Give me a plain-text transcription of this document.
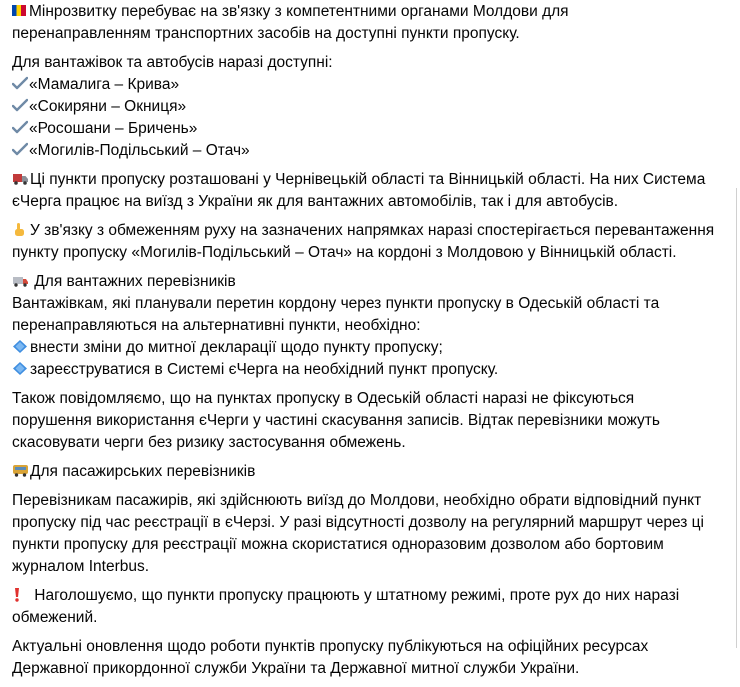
Мінрозвитку перебуває на зв'язку з компетентними органами Молдови для
перенаправленням транспортних засобів на доступні пункти пропуску.

Для вантажівок та автобусів наразі доступні:
«Мамалига – Крива»
«Сокиряни – Окниця»
«Росошани – Бричень»
«Могилів-Подільський – Отач»

Ці пункти пропуску розташовані у Чернівецькій області та Вінницькій області. На них Система
єЧерга працює на виїзд з України як для вантажних автомобілів, так і для автобусів.

У зв'язку з обмеженням руху на зазначених напрямках наразі спостерігається перевантаження
пункту пропуску «Могилів-Подільський – Отач» на кордоні з Молдовою у Вінницькій області.

Для вантажних перевізників
Вантажівкам, які планували перетин кордону через пункти пропуску в Одеській області та
перенаправляються на альтернативні пункти, необхідно:
внести зміни до митної декларації щодо пункту пропуску;
зареєструватися в Системі єЧерга на необхідний пункт пропуску.

Також повідомляємо, що на пунктах пропуску в Одеській області наразі не фіксуються
порушення використання єЧерги у частині скасування записів. Відтак перевізники можуть
скасовувати черги без ризику застосування обмежень.

Для пасажирських перевізників

Перевізникам пасажирів, які здійснюють виїзд до Молдови, необхідно обрати відповідний пункт
пропуску під час реєстрації в єЧерзі. У разі відсутності дозволу на регулярний маршрут через ці
пункти пропуску для реєстрації можна скористатися одноразовим дозволом або бортовим
журналом Interbus.

Наголошуємо, що пункти пропуску працюють у штатному режимі, проте рух до них наразі
обмежений.

Актуальні оновлення щодо роботи пунктів пропуску публікуються на офіційних ресурсах
Державної прикордонної служби України та Державної митної служби України.
